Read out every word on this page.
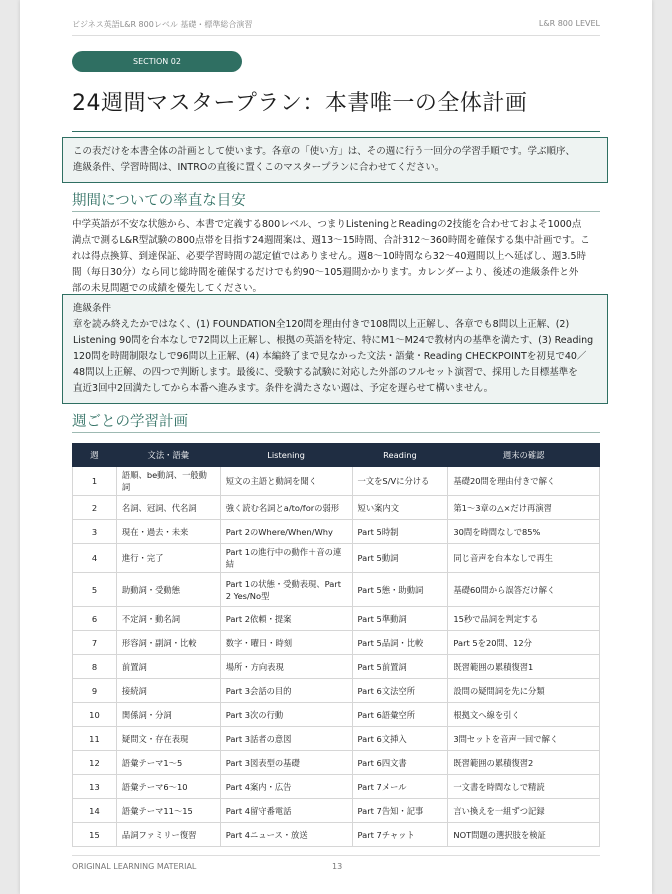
ビジネス英語L&R 800レベル 基礎・標準総合演習	L&R 800 LEVEL
SECTION 02
24週間マスタープラン：本書唯一の全体計画
この表だけを本書全体の計画として使います。各章の「使い方」は、その週に行う一回分の学習手順です。学ぶ順序、
進級条件、学習時間は、INTROの直後に置くこのマスタープランに合わせてください。
期間についての率直な目安
中学英語が不安な状態から、本書で定義する800レベル、つまりListeningとReadingの2技能を合わせておよそ1000点
満点で測るL&R型試験の800点帯を目指す24週間案は、週13〜15時間、合計312〜360時間を確保する集中計画です。こ
れは得点換算、到達保証、必要学習時間の認定値ではありません。週8〜10時間なら32〜40週間以上へ延ばし、週3.5時
間（毎日30分）なら同じ総時間を確保するだけでも約90〜105週間かかります。カレンダーより、後述の進級条件と外
部の未見問題での成績を優先してください。
進級条件
章を読み終えたかではなく、(1) FOUNDATION全120問を理由付きで108問以上正解し、各章でも8問以上正解、(2)
Listening 90問を台本なしで72問以上正解し、根拠の英語を特定、特にM1〜M24で教材内の基準を満たす、(3) Reading
120問を時間制限なしで96問以上正解、(4) 本編終了まで見なかった文法・語彙・Reading CHECKPOINTを初見で40／
48問以上正解、の四つで判断します。最後に、受験する試験に対応した外部のフルセット演習で、採用した目標基準を
直近3回中2回満たしてから本番へ進みます。条件を満たさない週は、予定を遅らせて構いません。
週ごとの学習計画
週	文法・語彙	Listening	Reading	週末の確認
1	語順、be動詞、一般動詞	短文の主語と動詞を聞く	一文をS/Vに分ける	基礎20問を理由付きで解く
2	名詞、冠詞、代名詞	強く読む名詞とa/to/forの弱形	短い案内文	第1〜3章の△×だけ再演習
3	現在・過去・未来	Part 2のWhere/When/Why	Part 5時制	30問を時間なしで85%
4	進行・完了	Part 1の進行中の動作＋音の連結	Part 5動詞	同じ音声を台本なしで再生
5	助動詞・受動態	Part 1の状態・受動表現、Part 2 Yes/No型	Part 5態・助動詞	基礎60問から誤答だけ解く
6	不定詞・動名詞	Part 2依頼・提案	Part 5準動詞	15秒で品詞を判定する
7	形容詞・副詞・比較	数字・曜日・時刻	Part 5品詞・比較	Part 5を20問、12分
8	前置詞	場所・方向表現	Part 5前置詞	既習範囲の累積復習1
9	接続詞	Part 3会話の目的	Part 6文法空所	設問の疑問詞を先に分類
10	関係詞・分詞	Part 3次の行動	Part 6語彙空所	根拠文へ線を引く
11	疑問文・存在表現	Part 3話者の意図	Part 6文挿入	3問セットを音声一回で解く
12	語彙テーマ1〜5	Part 3図表型の基礎	Part 6四文書	既習範囲の累積復習2
13	語彙テーマ6〜10	Part 4案内・広告	Part 7メール	一文書を時間なしで精読
14	語彙テーマ11〜15	Part 4留守番電話	Part 7告知・記事	言い換えを一組ずつ記録
15	品詞ファミリー復習	Part 4ニュース・放送	Part 7チャット	NOT問題の選択肢を検証
ORIGINAL LEARNING MATERIAL	13
